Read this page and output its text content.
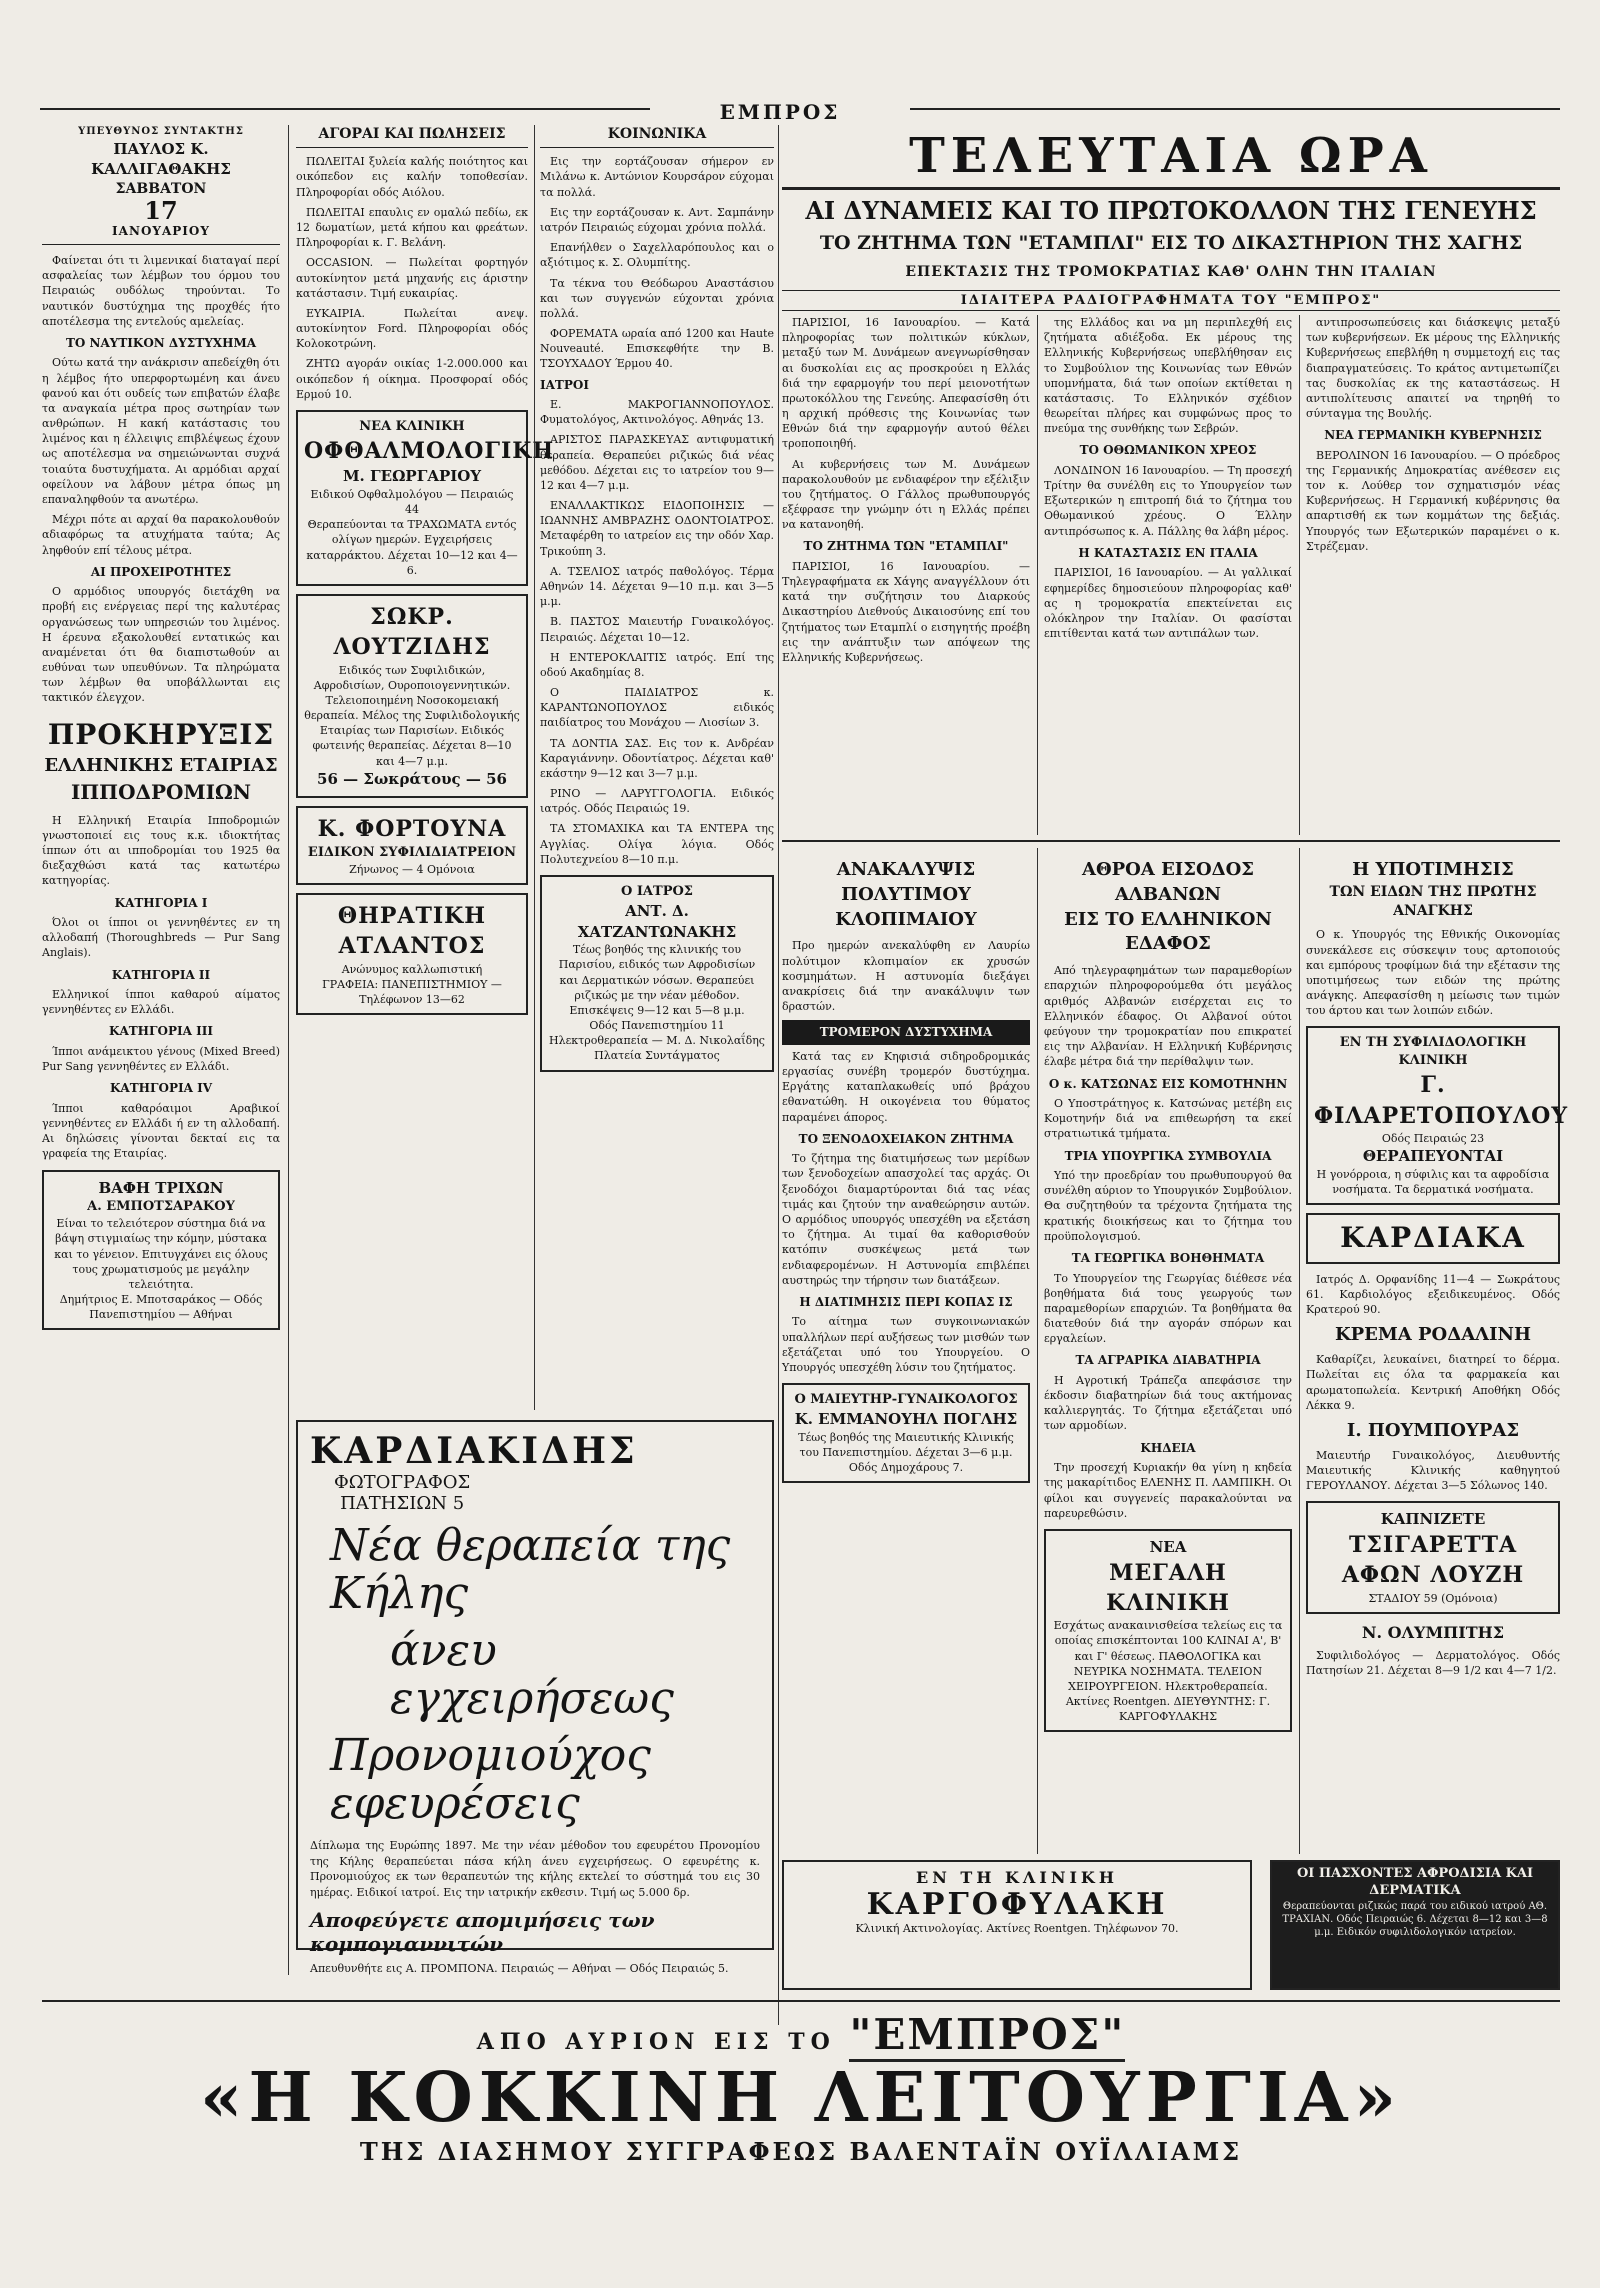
ΕΜΠΡΟΣ
ΥΠΕΥΘΥΝΟΣ ΣΥΝΤΑΚΤΗΣ
ΠΑΥΛΟΣ Κ. ΚΑΛΛΙΓΑΘΑΚΗΣ
ΣΑΒΒΑΤΟΝ
17
ΙΑΝΟΥΑΡΙΟΥ

Φαίνεται ότι τι λιμενικαί διαταγαί περί ασφαλείας των λέμβων του όρμου του Πειραιώς ουδόλως τηρούνται. Το ναυτικόν δυστύχημα της προχθές ήτο αποτέλεσμα της εντελούς αμελείας.

ΤΟ ΝΑΥΤΙΚΟΝ ΔΥΣΤΥΧΗΜΑ

Ούτω κατά την ανάκρισιν απεδείχθη ότι η λέμβος ήτο υπερφορτωμένη και άνευ φανού και ότι ουδείς των επιβατών έλαβε τα αναγκαία μέτρα προς σωτηρίαν των ανθρώπων. Η κακή κατάστασις του λιμένος και η έλλειψις επιβλέψεως έχουν ως αποτέλεσμα να σημειώνωνται συχνά τοιαύτα δυστυχήματα. Αι αρμόδιαι αρχαί οφείλουν να λάβουν μέτρα όπως μη επαναληφθούν τα ανωτέρω.

Μέχρι πότε αι αρχαί θα παρακολουθούν αδιαφόρως τα ατυχήματα ταύτα; Ας ληφθούν επί τέλους μέτρα.

ΑΙ ΠΡΟΧΕΙΡΟΤΗΤΕΣ

Ο αρμόδιος υπουργός διετάχθη να προβή εις ενέργειας περί της καλυτέρας οργανώσεως των υπηρεσιών του λιμένος. Η έρευνα εξακολουθεί εντατικώς και αναμένεται ότι θα διαπιστωθούν αι ευθύναι των υπευθύνων. Τα πληρώματα των λέμβων θα υποβάλλωνται εις τακτικόν έλεγχον.

ΠΡΟΚΗΡΥΞΙΣ
ΕΛΛΗΝΙΚΗΣ ΕΤΑΙΡΙΑΣ
ΙΠΠΟΔΡΟΜΙΩΝ

Η Ελληνική Εταιρία Ιπποδρομιών γνωστοποιεί εις τους κ.κ. ιδιοκτήτας ίππων ότι αι ιπποδρομίαι του 1925 θα διεξαχθώσι κατά τας κατωτέρω κατηγορίας.

ΚΑΤΗΓΟΡΙΑ Ι

Όλοι οι ίπποι οι γεννηθέντες εν τη αλλοδαπή (Thoroughbreds — Pur Sang Anglais).

ΚΑΤΗΓΟΡΙΑ ΙΙ

Ελληνικοί ίπποι καθαρού αίματος γεννηθέντες εν Ελλάδι.

ΚΑΤΗΓΟΡΙΑ ΙΙΙ

Ίπποι ανάμεικτου γένους (Mixed Breed) Pur Sang γεννηθέντες εν Ελλάδι.

ΚΑΤΗΓΟΡΙΑ ΙV

Ίπποι καθαρόαιμοι Αραβικοί γεννηθέντες εν Ελλάδι ή εν τη αλλοδαπή. Αι δηλώσεις γίνονται δεκταί εις τα γραφεία της Εταιρίας.

ΒΑΦΗ ΤΡΙΧΩΝ
Α. ΕΜΠΟΤΣΑΡΑΚΟΥ
Είναι το τελειότερον σύστημα διά να βάψη στιγμιαίως την κόμην, μύστακα και το γένειον. Επιτυγχάνει εις όλους τους χρωματισμούς με μεγάλην τελειότητα.
Δημήτριος Ε. Μποτσαράκος — Οδός Πανεπιστημίου — Αθήναι
ΑΓΟΡΑΙ ΚΑΙ ΠΩΛΗΣΕΙΣ

ΠΩΛΕΙΤΑΙ ξυλεία καλής ποιότητος και οικόπεδον εις καλήν τοποθεσίαν. Πληροφορίαι οδός Αιόλου.

ΠΩΛΕΙΤΑΙ επαυλις εν ομαλώ πεδίω, εκ 12 δωματίων, μετά κήπου και φρεάτων. Πληροφορίαι κ. Γ. Βελάνη.

OCCASION. — Πωλείται φορτηγόν αυτοκίνητον μετά μηχανής εις άριστην κατάστασιν. Τιμή ευκαιρίας.

ΕΥΚΑΙΡΙΑ. Πωλείται ανεψ. αυτοκίνητον Ford. Πληροφορίαι οδός Κολοκοτρώνη.

ΖΗΤΩ αγοράν οικίας 1-2.000.000 και οικόπεδον ή οίκημα. Προσφοραί οδός Ερμού 10.

ΝΕΑ ΚΛΙΝΙΚΗ
ΟΦΘΑΛΜΟΛΟΓΙΚΗ
Μ. ΓΕΩΡΓΑΡΙΟΥ
Ειδικού Οφθαλμολόγου — Πειραιώς 44
Θεραπεύονται τα ΤΡΑΧΩΜΑΤΑ εντός ολίγων ημερών. Εγχειρήσεις καταρράκτου. Δέχεται 10—12 και 4—6.
ΣΩΚΡ. ΛΟΥΤΖΙΔΗΣ
Ειδικός των Συφιλιδικών, Αφροδισίων, Ουροποιογεννητικών. Τελειοποιημένη Νοσοκομειακή θεραπεία. Μέλος της Συφιλιδολογικής Εταιρίας των Παρισίων. Ειδικός φωτεινής θεραπείας. Δέχεται 8—10 και 4—7 μ.μ.
56 — Σωκράτους — 56
Κ. ΦΟΡΤΟΥΝΑ
ΕΙΔΙΚΟΝ ΣΥΦΙΛΙΔΙΑΤΡΕΙΟΝ
Ζήνωνος — 4 Ομόνοια
ΘΗΡΑΤΙΚΗ
ΑΤΛΑΝΤΟΣ
Ανώνυμος καλλωπιστική
ΓΡΑΦΕΙΑ: ΠΑΝΕΠΙΣΤΗΜΙΟΥ — Τηλέφωνον 13—62
ΚΟΙΝΩΝΙΚΑ

Εις την εορτάζουσαν σήμερον εν Μιλάνω κ. Αντώνιον Κουρσάρον εύχομαι τα πολλά.

Εις την εορτάζουσαν κ. Αντ. Σαμπάνην ιατρόν Πειραιώς εύχομαι χρόνια πολλά.

Επανήλθεν ο Σαχελλαρόπουλος και ο αξιότιμος κ. Σ. Ολυμπίτης.

Τα τέκνα του Θεόδωρου Αναστάσιου και των συγγενών εύχονται χρόνια πολλά.

ΦΟΡΕΜΑΤΑ ωραία από 1200 και Haute Nouveauté. Επισκεφθήτε την Β. ΤΣΟΥΧΑΔΟΥ Έρμου 40.

ΙΑΤΡΟΙ

Ε. ΜΑΚΡΟΓΙΑΝΝΟΠΟΥΛΟΣ. Φυματολόγος, Ακτινολόγος. Αθηνάς 13.

ΑΡΙΣΤΟΣ ΠΑΡΑΣΚΕΥΑΣ αντιφυματική θεραπεία. Θεραπεύει ριζικώς διά νέας μεθόδου. Δέχεται εις το ιατρείον του 9—12 και 4—7 μ.μ.

ΕΝΑΛΛΑΚΤΙΚΩΣ ΕΙΔΟΠΟΙΗΣΙΣ — ΙΩΑΝΝΗΣ ΑΜΒΡΑΖΗΣ ΟΔΟΝΤΟΙΑΤΡΟΣ. Μεταφέρθη το ιατρείον εις την οδόν Χαρ. Τρικούπη 3.

Α. ΤΣΕΛΙΟΣ ιατρός παθολόγος. Τέρμα Αθηνών 14. Δέχεται 9—10 π.μ. και 3—5 μ.μ.

Β. ΠΑΣΤΟΣ Μαιευτήρ Γυναικολόγος. Πειραιώς. Δέχεται 10—12.

Η ΕΝΤΕΡΟΚΛΑΙΤΙΣ ιατρός. Επί της οδού Ακαδημίας 8.

Ο ΠΑΙΔΙΑΤΡΟΣ κ. ΚΑΡΑΝΤΩΝΟΠΟΥΛΟΣ ειδικός παιδίατρος του Μονάχου — Λιοσίων 3.

ΤΑ ΔΟΝΤΙΑ ΣΑΣ. Εις τον κ. Ανδρέαν Καραγιάννην. Οδοντίατρος. Δέχεται καθ' εκάστην 9—12 και 3—7 μ.μ.

ΡΙΝΟ — ΛΑΡΥΓΓΟΛΟΓΙΑ. Ειδικός ιατρός. Οδός Πειραιώς 19.

ΤΑ ΣΤΟΜΑΧΙΚΑ και ΤΑ ΕΝΤΕΡΑ της Αγγλίας. Ολίγα λόγια. Οδός Πολυτεχνείου 8—10 π.μ.

Ο ΙΑΤΡΟΣ
ΑΝΤ. Δ. ΧΑΤΖΑΝΤΩΝΑΚΗΣ
Τέως βοηθός της κλινικής του Παρισίου, ειδικός των Αφροδισίων και Δερματικών νόσων. Θεραπεύει ριζικώς με την νέαν μέθοδον. Επισκέψεις 9—12 και 5—8 μ.μ.
Οδός Πανεπιστημίου 11
Ηλεκτροθεραπεία — Μ. Δ. Νικολαΐδης Πλατεία Συντάγματος
ΚΑΡΔΙΑΚΙΔΗΣ ΦΩΤΟΓΡΑΦΟΣ
ΠΑΤΗΣΙΩΝ 5
Νέα θεραπεία της Κήλης
άνευ εγχειρήσεως
Προνομιούχος εφευρέσεις
Δίπλωμα της Ευρώπης 1897. Με την νέαν μέθοδον του εφευρέτου Προνομίου της Κήλης θεραπεύεται πάσα κήλη άνευ εγχειρήσεως. Ο εφευρέτης κ. Προνομιούχος εκ των θεραπευτών της κήλης εκτελεί το σύστημά του εις 30 ημέρας. Ειδικοί ιατροί. Εις την ιατρικήν εκθεσιν. Τιμή ως 5.000 δρ.
Αποφεύγετε απομιμήσεις των κομπογιαννιτών
Απευθυνθήτε εις Α. ΠΡΟΜΠΟΝΑ. Πειραιώς — Αθήναι — Οδός Πειραιώς 5.
ΤΕΛΕΥΤΑΙΑ ΩΡΑ
ΑΙ ΔΥΝΑΜΕΙΣ ΚΑΙ ΤΟ ΠΡΩΤΟΚΟΛΛΟΝ ΤΗΣ ΓΕΝΕΥΗΣ
ΤΟ ΖΗΤΗΜΑ ΤΩΝ "ΕΤΑΜΠΛΙ" ΕΙΣ ΤΟ ΔΙΚΑΣΤΗΡΙΟΝ ΤΗΣ ΧΑΓΗΣ
ΕΠΕΚΤΑΣΙΣ ΤΗΣ ΤΡΟΜΟΚΡΑΤΙΑΣ ΚΑΘ' ΟΛΗΝ ΤΗΝ ΙΤΑΛΙΑΝ
ΙΔΙΑΙΤΕΡΑ ΡΑΔΙΟΓΡΑΦΗΜΑΤΑ ΤΟΥ "ΕΜΠΡΟΣ"

ΠΑΡΙΣΙΟΙ, 16 Ιανουαρίου. — Κατά πληροφορίας των πολιτικών κύκλων, μεταξύ των Μ. Δυνάμεων ανεγνωρίσθησαν αι δυσκολίαι εις ας προσκρούει η Ελλάς διά την εφαρμογήν του περί μειονοτήτων πρωτοκόλλου της Γενεύης. Απεφασίσθη ότι η αρχική πρόθεσις της Κοινωνίας των Εθνών διά την εφαρμογήν αυτού θέλει τροποποιηθή.

Αι κυβερνήσεις των Μ. Δυνάμεων παρακολουθούν με ενδιαφέρον την εξέλιξιν του ζητήματος. Ο Γάλλος πρωθυπουργός εξέφρασε την γνώμην ότι η Ελλάς πρέπει να κατανοηθή.

ΤΟ ΖΗΤΗΜΑ ΤΩΝ "ΕΤΑΜΠΛΙ"

ΠΑΡΙΣΙΟΙ, 16 Ιανουαρίου. — Τηλεγραφήματα εκ Χάγης αναγγέλλουν ότι κατά την συζήτησιν του Διαρκούς Δικαστηρίου Διεθνούς Δικαιοσύνης επί του ζητήματος των Εταμπλί ο εισηγητής προέβη εις την ανάπτυξιν των απόψεων της Ελληνικής Κυβερνήσεως.

της Ελλάδος και να μη περιπλεχθή εις ζητήματα αδιέξοδα. Εκ μέρους της Ελληνικής Κυβερνήσεως υπεβλήθησαν εις το Συμβούλιον της Κοινωνίας των Εθνών υπομνήματα, διά των οποίων εκτίθεται η κατάστασις. Το Ελληνικόν σχέδιον θεωρείται πλήρες και συμφώνως προς το πνεύμα της συνθήκης των Σεβρών.

ΤΟ ΟΘΩΜΑΝΙΚΟΝ ΧΡΕΟΣ

ΛΟΝΔΙΝΟΝ 16 Ιανουαρίου. — Τη προσεχή Τρίτην θα συνέλθη εις το Υπουργείον των Εξωτερικών η επιτροπή διά το ζήτημα του Οθωμανικού χρέους. Ο Έλλην αντιπρόσωπος κ. Α. Πάλλης θα λάβη μέρος.

Η ΚΑΤΑΣΤΑΣΙΣ ΕΝ ΙΤΑΛΙΑ

ΠΑΡΙΣΙΟΙ, 16 Ιανουαρίου. — Αι γαλλικαί εφημερίδες δημοσιεύουν πληροφορίας καθ' ας η τρομοκρατία επεκτείνεται εις ολόκληρον την Ιταλίαν. Οι φασίσται επιτίθενται κατά των αντιπάλων των.

αντιπροσωπεύσεις και διάσκεψις μεταξύ των κυβερνήσεων. Εκ μέρους της Ελληνικής Κυβερνήσεως επεβλήθη η συμμετοχή εις τας διαπραγματεύσεις. Το κράτος αντιμετωπίζει τας δυσκολίας εκ της καταστάσεως. Η αντιπολίτευσις απαιτεί να τηρηθή το σύνταγμα της Βουλής.

ΝΕΑ ΓΕΡΜΑΝΙΚΗ ΚΥΒΕΡΝΗΣΙΣ

ΒΕΡΟΛΙΝΟΝ 16 Ιανουαρίου. — Ο πρόεδρος της Γερμανικής Δημοκρατίας ανέθεσεν εις τον κ. Λούθερ τον σχηματισμόν νέας Κυβερνήσεως. Η Γερμανική κυβέρνησις θα απαρτισθή εκ των κομμάτων της δεξιάς. Υπουργός των Εξωτερικών παραμένει ο κ. Στρέζεμαν.

ΑΝΑΚΑΛΥΨΙΣ
ΠΟΛΥΤΙΜΟΥ ΚΛΟΠΙΜΑΙΟΥ

Προ ημερών ανεκαλύφθη εν Λαυρίω πολύτιμον κλοπιμαίον εκ χρυσών κοσμημάτων. Η αστυνομία διεξάγει ανακρίσεις διά την ανακάλυψιν των δραστών.

ΤΡΟΜΕΡΟΝ ΔΥΣΤΥΧΗΜΑ

Κατά τας εν Κηφισιά σιδηροδρομικάς εργασίας συνέβη τρομερόν δυστύχημα. Εργάτης καταπλακωθείς υπό βράχου εθανατώθη. Η οικογένεια του θύματος παραμένει άπορος.

ΤΟ ΞΕΝΟΔΟΧΕΙΑΚΟΝ ΖΗΤΗΜΑ

Το ζήτημα της διατιμήσεως των μερίδων των ξενοδοχείων απασχολεί τας αρχάς. Οι ξενοδόχοι διαμαρτύρονται διά τας νέας τιμάς και ζητούν την αναθεώρησιν αυτών. Ο αρμόδιος υπουργός υπεσχέθη να εξετάση το ζήτημα. Αι τιμαί θα καθορισθούν κατόπιν συσκέψεως μετά των ενδιαφερομένων. Η Αστυνομία επιβλέπει αυστηρώς την τήρησιν των διατάξεων.

Η ΔΙΑΤΙΜΗΣΙΣ ΠΕΡΙ ΚΟΠΑΣ ΙΣ

Το αίτημα των συγκοινωνιακών υπαλλήλων περί αυξήσεως των μισθών των εξετάζεται υπό του Υπουργείου. Ο Υπουργός υπεσχέθη λύσιν του ζητήματος.

Ο ΜΑΙΕΥΤΗΡ-ΓΥΝΑΙΚΟΛΟΓΟΣ
Κ. ΕΜΜΑΝΟΥΗΛ ΠΟΓΛΗΣ
Τέως βοηθός της Μαιευτικής Κλινικής του Πανεπιστημίου. Δέχεται 3—6 μ.μ. Οδός Δημοχάρους 7.
ΑΘΡΟΑ ΕΙΣΟΔΟΣ ΑΛΒΑΝΩΝ
ΕΙΣ ΤΟ ΕΛΛΗΝΙΚΟΝ ΕΔΑΦΟΣ

Από τηλεγραφημάτων των παραμεθορίων επαρχιών πληροφορούμεθα ότι μεγάλος αριθμός Αλβανών εισέρχεται εις το Ελληνικόν έδαφος. Οι Αλβανοί ούτοι φεύγουν την τρομοκρατίαν που επικρατεί εις την Αλβανίαν. Η Ελληνική Κυβέρνησις έλαβε μέτρα διά την περίθαλψιν των.

Ο κ. ΚΑΤΣΩΝΑΣ ΕΙΣ ΚΟΜΟΤΗΝΗΝ

Ο Υποστράτηγος κ. Κατσώνας μετέβη εις Κομοτηνήν διά να επιθεωρήση τα εκεί στρατιωτικά τμήματα.

ΤΡΙΑ ΥΠΟΥΡΓΙΚΑ ΣΥΜΒΟΥΛΙΑ

Υπό την προεδρίαν του πρωθυπουργού θα συνέλθη αύριον το Υπουργικόν Συμβούλιον. Θα συζητηθούν τα τρέχοντα ζητήματα της κρατικής διοικήσεως και το ζήτημα του προϋπολογισμού.

ΤΑ ΓΕΩΡΓΙΚΑ ΒΟΗΘΗΜΑΤΑ

Το Υπουργείον της Γεωργίας διέθεσε νέα βοηθήματα διά τους γεωργούς των παραμεθορίων επαρχιών. Τα βοηθήματα θα διατεθούν διά την αγοράν σπόρων και εργαλείων.

ΤΑ ΑΓΡΑΡΙΚΑ ΔΙΑΒΑΤΗΡΙΑ

Η Αγροτική Τράπεζα απεφάσισε την έκδοσιν διαβατηρίων διά τους ακτήμονας καλλιεργητάς. Το ζήτημα εξετάζεται υπό των αρμοδίων.

ΚΗΔΕΙΑ

Την προσεχή Κυριακήν θα γίνη η κηδεία της μακαρίτιδος ΕΛΕΝΗΣ Π. ΛΑΜΠΙΚΗ. Οι φίλοι και συγγενείς παρακαλούνται να παρευρεθώσιν.

ΝΕΑ
ΜΕΓΑΛΗ ΚΛΙΝΙΚΗ
Εσχάτως ανακαινισθείσα τελείως εις τα οποίας επισκέπτονται 100 ΚΛΙΝΑΙ Α', Β' και Γ' θέσεως. ΠΑΘΟΛΟΓΙΚΑ και ΝΕΥΡΙΚΑ ΝΟΣΗΜΑΤΑ. ΤΕΛΕΙΟΝ ΧΕΙΡΟΥΡΓΕΙΟΝ. Ηλεκτροθεραπεία. Ακτίνες Roentgen. ΔΙΕΥΘΥΝΤΗΣ: Γ. ΚΑΡΓΟΦΥΛΑΚΗΣ
Η ΥΠΟΤΙΜΗΣΙΣ
ΤΩΝ ΕΙΔΩΝ ΤΗΣ ΠΡΩΤΗΣ ΑΝΑΓΚΗΣ

Ο κ. Υπουργός της Εθνικής Οικονομίας συνεκάλεσε εις σύσκεψιν τους αρτοποιούς και εμπόρους τροφίμων διά την εξέτασιν της υποτιμήσεως των ειδών της πρώτης ανάγκης. Απεφασίσθη η μείωσις των τιμών του άρτου και των λοιπών ειδών.

ΕΝ ΤΗ ΣΥΦΙΛΙΔΟΛΟΓΙΚΗ ΚΛΙΝΙΚΗ
Γ. ΦΙΛΑΡΕΤΟΠΟΥΛΟΥ
Οδός Πειραιώς 23
ΘΕΡΑΠΕΥΟΝΤΑΙ
Η γονόρροια, η σύφιλις και τα αφροδίσια νοσήματα. Τα δερματικά νοσήματα.
ΚΑΡΔΙΑΚΑ

Ιατρός Δ. Ορφανίδης 11—4 — Σωκράτους 61. Καρδιολόγος εξειδικευμένος. Οδός Κρατερού 90.

ΚΡΕΜΑ ΡΟΔΑΛΙΝΗ

Καθαρίζει, λευκαίνει, διατηρεί το δέρμα. Πωλείται εις όλα τα φαρμακεία και αρωματοπωλεία. Κεντρική Αποθήκη Οδός Λέκκα 9.

Ι. ΠΟΥΜΠΟΥΡΑΣ

Μαιευτήρ Γυναικολόγος, Διευθυντής Μαιευτικής Κλινικής καθηγητού ΓΕΡΟΥΛΑΝΟΥ. Δέχεται 3—5 Σόλωνος 140.

ΚΑΠΝΙΖΕΤΕ
ΤΣΙΓΑΡΕΤΤΑ
ΑΦΩΝ ΛΟΥΖΗ
ΣΤΑΔΙΟΥ 59 (Ομόνοια)
Ν. ΟΛΥΜΠΙΤΗΣ

Συφιλιδολόγος — Δερματολόγος. Οδός Πατησίων 21. Δέχεται 8—9 1/2 και 4—7 1/2.

ΕΝ ΤΗ ΚΛΙΝΙΚΗ
ΚΑΡΓΟΦΥΛΑΚΗ
Κλινική Ακτινολογίας. Ακτίνες Roentgen. Τηλέφωνον 70.
ΟΙ ΠΑΣΧΟΝΤΕΣ ΑΦΡΟΔΙΣΙΑ ΚΑΙ ΔΕΡΜΑΤΙΚΑ
Θεραπεύονται ριζικώς παρά του ειδικού ιατρού ΑΘ. ΤΡΑΧΙΑΝ. Οδός Πειραιώς 6. Δέχεται 8—12 και 3—8 μ.μ. Ειδικόν συφιλιδολογικόν ιατρείον.
ΑΠΟ ΑΥΡΙΟΝ ΕΙΣ ΤΟ "ΕΜΠΡΟΣ"
«Η ΚΟΚΚΙΝΗ ΛΕΙΤΟΥΡΓΙΑ»
ΤΗΣ ΔΙΑΣΗΜΟΥ ΣΥΓΓΡΑΦΕΩΣ ΒΑΛΕΝΤΑΪΝ ΟΥΪΛΛΙΑΜΣ
